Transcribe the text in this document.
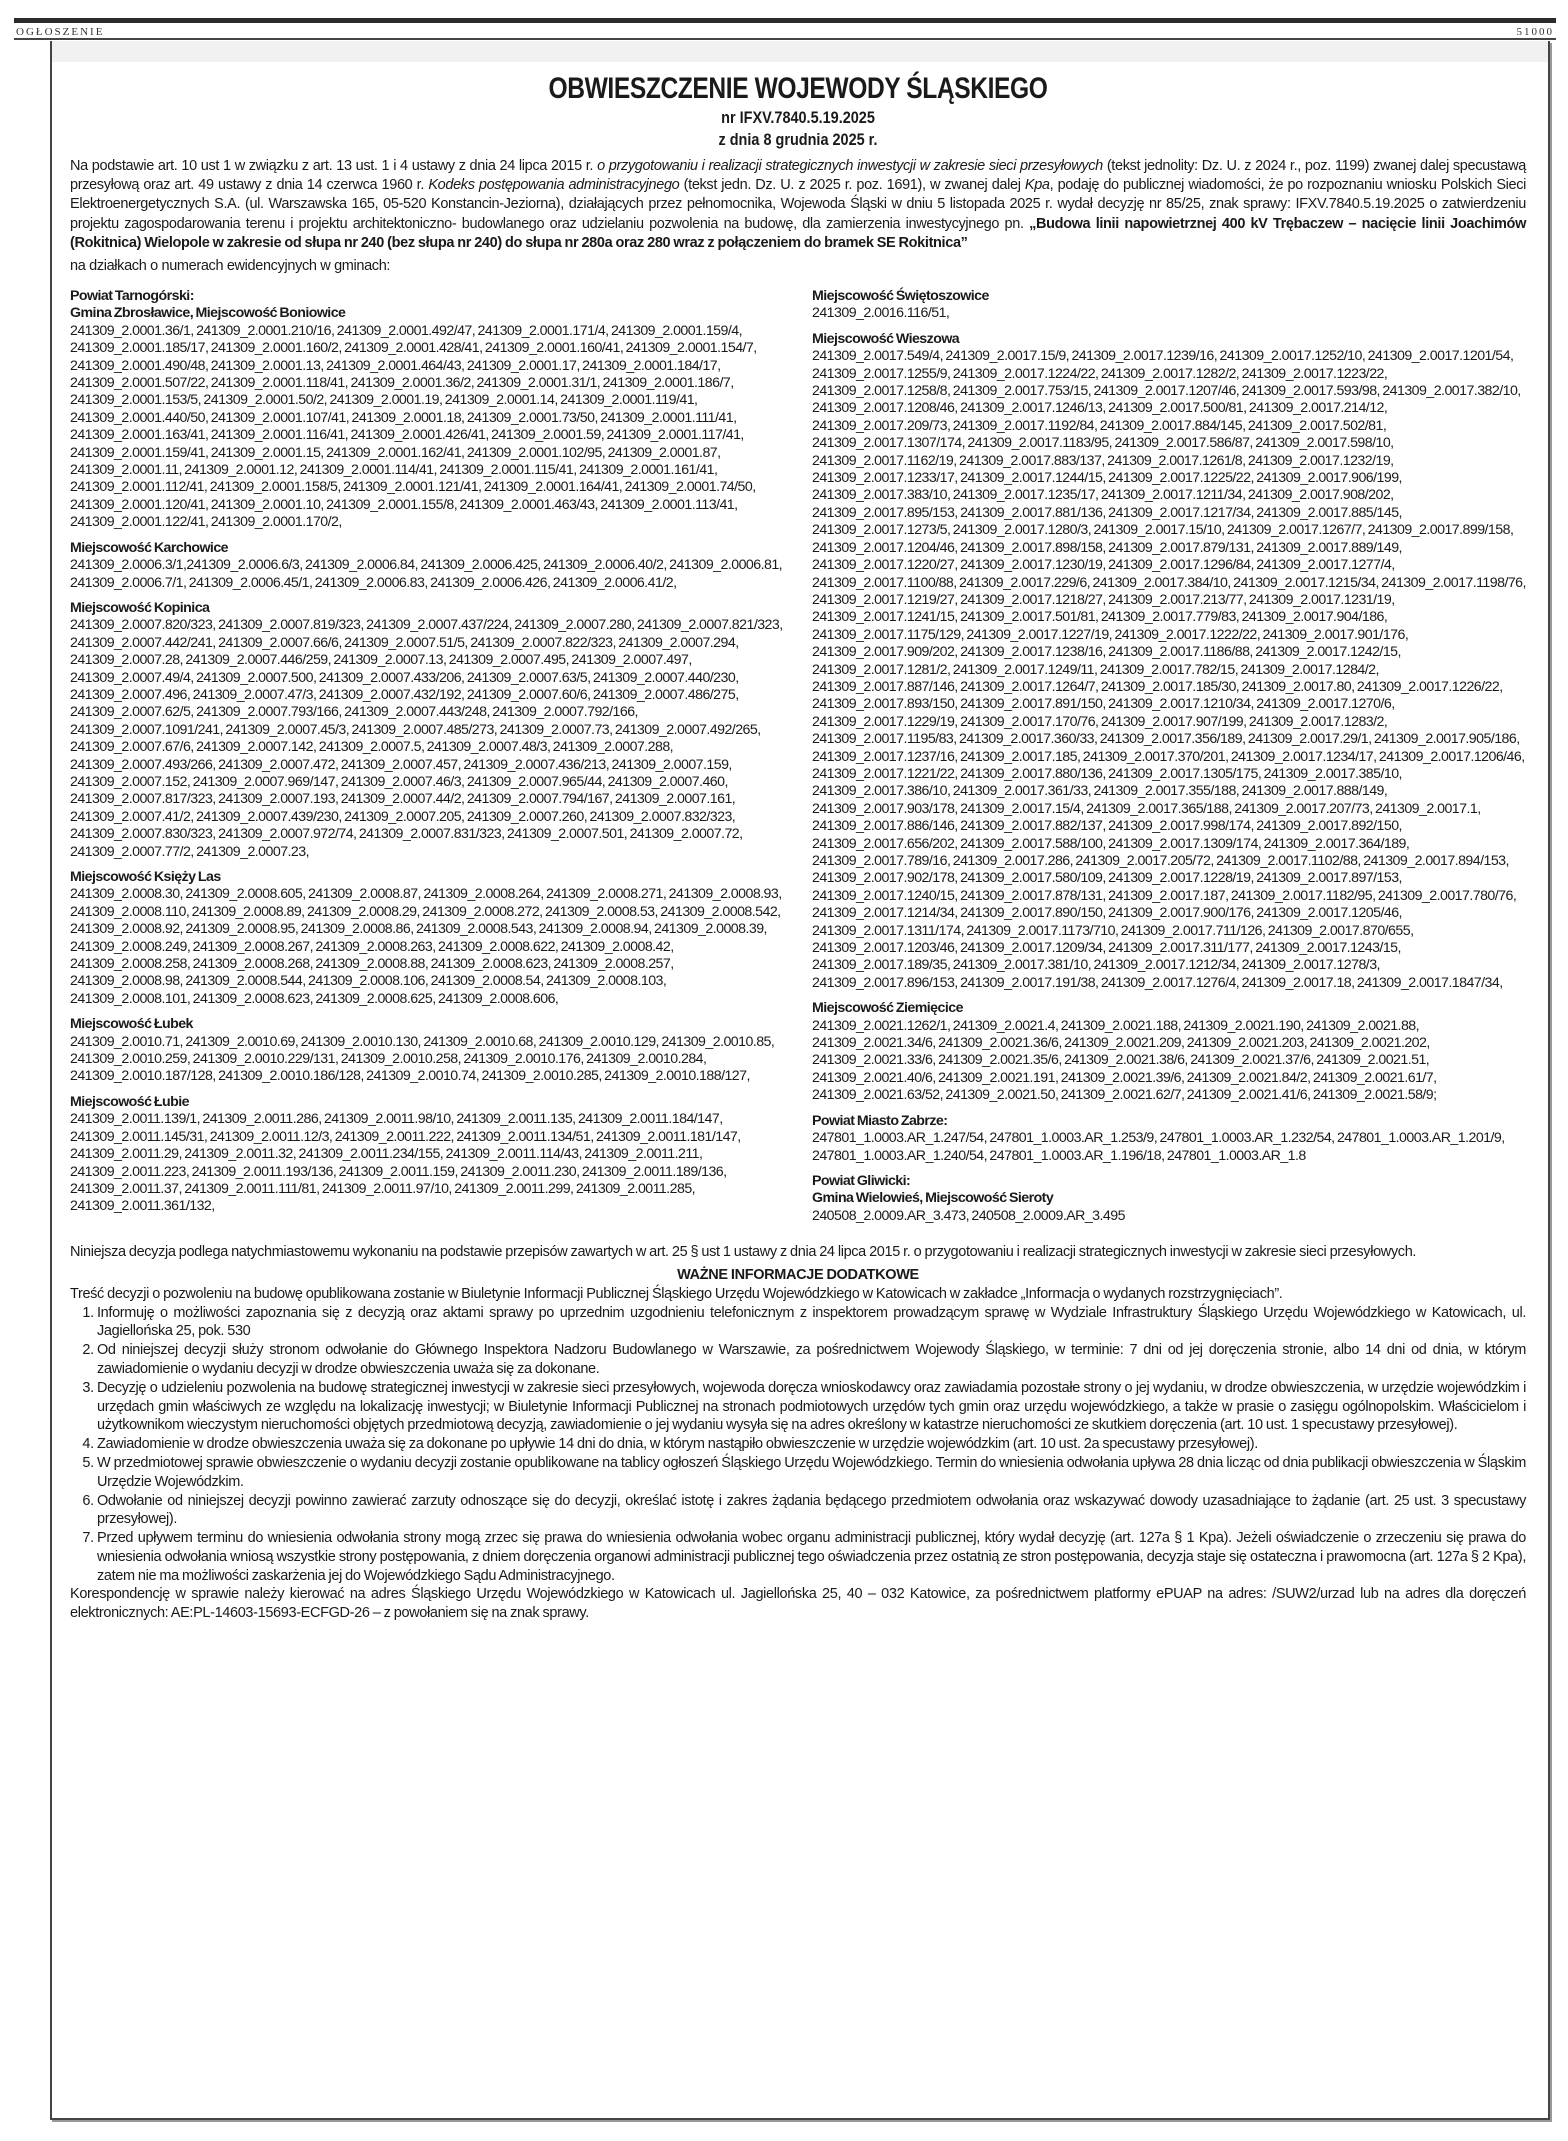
OGŁOSZENIE	51000
OBWIESZCZENIE WOJEWODY ŚLĄSKIEGO
nr IFXV.7840.5.19.2025
z dnia 8 grudnia 2025 r.
Na podstawie art. 10 ust 1 w związku z art. 13 ust. 1 i 4 ustawy z dnia 24 lipca 2015 r. o przygotowaniu i realizacji strategicznych inwestycji w zakresie sieci przesyłowych (tekst jednolity: Dz. U. z 2024 r., poz. 1199) zwanej dalej specustawą przesyłową oraz art. 49 ustawy z dnia 14 czerwca 1960 r. Kodeks postępowania administracyjnego (tekst jedn. Dz. U. z 2025 r. poz. 1691), w zwanej dalej Kpa, podaję do publicznej wiadomości, że po rozpoznaniu wniosku Polskich Sieci Elektroenergetycznych S.A. (ul. Warszawska 165, 05-520 Konstancin-Jeziorna), działających przez pełnomocnika, Wojewoda Śląski w dniu 5 listopada 2025 r. wydał decyzję nr 85/25, znak sprawy: IFXV.7840.5.19.2025 o zatwierdzeniu projektu zagospodarowania terenu i projektu architektoniczno- budowlanego oraz udzielaniu pozwolenia na budowę, dla zamierzenia inwestycyjnego pn. „Budowa linii napowietrznej 400 kV Trębaczew – nacięcie linii Joachimów (Rokitnica) Wielopole w zakresie od słupa nr 240 (bez słupa nr 240) do słupa nr 280a oraz 280 wraz z połączeniem do bramek SE Rokitnica”
na działkach o numerach ewidencyjnych w gminach:
Powiat Tarnogórski:
Gmina Zbrosławice, Miejscowość Boniowice
241309_2.0001.36/1, 241309_2.0001.210/16, 241309_2.0001.492/47, 241309_2.0001.171/4, 241309_2.0001.159/4, 241309_2.0001.185/17, 241309_2.0001.160/2, 241309_2.0001.428/41, 241309_2.0001.160/41, 241309_2.0001.154/7, 241309_2.0001.490/48, 241309_2.0001.13, 241309_2.0001.464/43, 241309_2.0001.17, 241309_2.0001.184/17, 241309_2.0001.507/22, 241309_2.0001.118/41, 241309_2.0001.36/2, 241309_2.0001.31/1, 241309_2.0001.186/7, 241309_2.0001.153/5, 241309_2.0001.50/2, 241309_2.0001.19, 241309_2.0001.14, 241309_2.0001.119/41, 241309_2.0001.440/50, 241309_2.0001.107/41, 241309_2.0001.18, 241309_2.0001.73/50, 241309_2.0001.111/41, 241309_2.0001.163/41, 241309_2.0001.116/41, 241309_2.0001.426/41, 241309_2.0001.59, 241309_2.0001.117/41, 241309_2.0001.159/41, 241309_2.0001.15, 241309_2.0001.162/41, 241309_2.0001.102/95, 241309_2.0001.87, 241309_2.0001.11, 241309_2.0001.12, 241309_2.0001.114/41, 241309_2.0001.115/41, 241309_2.0001.161/41, 241309_2.0001.112/41, 241309_2.0001.158/5, 241309_2.0001.121/41, 241309_2.0001.164/41, 241309_2.0001.74/50, 241309_2.0001.120/41, 241309_2.0001.10, 241309_2.0001.155/8, 241309_2.0001.463/43, 241309_2.0001.113/41, 241309_2.0001.122/41, 241309_2.0001.170/2,
Miejscowość Karchowice
241309_2.0006.3/1,241309_2.0006.6/3, 241309_2.0006.84, 241309_2.0006.425, 241309_2.0006.40/2, 241309_2.0006.81, 241309_2.0006.7/1, 241309_2.0006.45/1, 241309_2.0006.83, 241309_2.0006.426, 241309_2.0006.41/2,
Miejscowość Kopinica
241309_2.0007.820/323, 241309_2.0007.819/323, 241309_2.0007.437/224, 241309_2.0007.280, 241309_2.0007.821/323, 241309_2.0007.442/241, 241309_2.0007.66/6, 241309_2.0007.51/5, 241309_2.0007.822/323, 241309_2.0007.294, 241309_2.0007.28, 241309_2.0007.446/259, 241309_2.0007.13, 241309_2.0007.495, 241309_2.0007.497, 241309_2.0007.49/4, 241309_2.0007.500, 241309_2.0007.433/206, 241309_2.0007.63/5, 241309_2.0007.440/230, 241309_2.0007.496, 241309_2.0007.47/3, 241309_2.0007.432/192, 241309_2.0007.60/6, 241309_2.0007.486/275, 241309_2.0007.62/5, 241309_2.0007.793/166, 241309_2.0007.443/248, 241309_2.0007.792/166, 241309_2.0007.1091/241, 241309_2.0007.45/3, 241309_2.0007.485/273, 241309_2.0007.73, 241309_2.0007.492/265, 241309_2.0007.67/6, 241309_2.0007.142, 241309_2.0007.5, 241309_2.0007.48/3, 241309_2.0007.288, 241309_2.0007.493/266, 241309_2.0007.472, 241309_2.0007.457, 241309_2.0007.436/213, 241309_2.0007.159, 241309_2.0007.152, 241309_2.0007.969/147, 241309_2.0007.46/3, 241309_2.0007.965/44, 241309_2.0007.460, 241309_2.0007.817/323, 241309_2.0007.193, 241309_2.0007.44/2, 241309_2.0007.794/167, 241309_2.0007.161, 241309_2.0007.41/2, 241309_2.0007.439/230, 241309_2.0007.205, 241309_2.0007.260, 241309_2.0007.832/323, 241309_2.0007.830/323, 241309_2.0007.972/74, 241309_2.0007.831/323, 241309_2.0007.501, 241309_2.0007.72, 241309_2.0007.77/2, 241309_2.0007.23,
Miejscowość Księży Las
241309_2.0008.30, 241309_2.0008.605, 241309_2.0008.87, 241309_2.0008.264, 241309_2.0008.271, 241309_2.0008.93, 241309_2.0008.110, 241309_2.0008.89, 241309_2.0008.29, 241309_2.0008.272, 241309_2.0008.53, 241309_2.0008.542, 241309_2.0008.92, 241309_2.0008.95, 241309_2.0008.86, 241309_2.0008.543, 241309_2.0008.94, 241309_2.0008.39, 241309_2.0008.249, 241309_2.0008.267, 241309_2.0008.263, 241309_2.0008.622, 241309_2.0008.42, 241309_2.0008.258, 241309_2.0008.268, 241309_2.0008.88, 241309_2.0008.623, 241309_2.0008.257, 241309_2.0008.98, 241309_2.0008.544, 241309_2.0008.106, 241309_2.0008.54, 241309_2.0008.103, 241309_2.0008.101, 241309_2.0008.623, 241309_2.0008.625, 241309_2.0008.606,
Miejscowość Łubek
241309_2.0010.71, 241309_2.0010.69, 241309_2.0010.130, 241309_2.0010.68, 241309_2.0010.129, 241309_2.0010.85, 241309_2.0010.259, 241309_2.0010.229/131, 241309_2.0010.258, 241309_2.0010.176, 241309_2.0010.284, 241309_2.0010.187/128, 241309_2.0010.186/128, 241309_2.0010.74, 241309_2.0010.285, 241309_2.0010.188/127,
Miejscowość Łubie
241309_2.0011.139/1, 241309_2.0011.286, 241309_2.0011.98/10, 241309_2.0011.135, 241309_2.0011.184/147, 241309_2.0011.145/31, 241309_2.0011.12/3, 241309_2.0011.222, 241309_2.0011.134/51, 241309_2.0011.181/147, 241309_2.0011.29, 241309_2.0011.32, 241309_2.0011.234/155, 241309_2.0011.114/43, 241309_2.0011.211, 241309_2.0011.223, 241309_2.0011.193/136, 241309_2.0011.159, 241309_2.0011.230, 241309_2.0011.189/136, 241309_2.0011.37, 241309_2.0011.111/81, 241309_2.0011.97/10, 241309_2.0011.299, 241309_2.0011.285, 241309_2.0011.361/132,
Miejscowość Świętoszowice
241309_2.0016.116/51,
Miejscowość Wieszowa
241309_2.0017.549/4, 241309_2.0017.15/9, 241309_2.0017.1239/16, 241309_2.0017.1252/10, 241309_2.0017.1201/54, 241309_2.0017.1255/9, 241309_2.0017.1224/22, 241309_2.0017.1282/2, 241309_2.0017.1223/22, 241309_2.0017.1258/8, 241309_2.0017.753/15, 241309_2.0017.1207/46, 241309_2.0017.593/98, 241309_2.0017.382/10, 241309_2.0017.1208/46, 241309_2.0017.1246/13, 241309_2.0017.500/81, 241309_2.0017.214/12, 241309_2.0017.209/73, 241309_2.0017.1192/84, 241309_2.0017.884/145, 241309_2.0017.502/81, 241309_2.0017.1307/174, 241309_2.0017.1183/95, 241309_2.0017.586/87, 241309_2.0017.598/10, 241309_2.0017.1162/19, 241309_2.0017.883/137, 241309_2.0017.1261/8, 241309_2.0017.1232/19, 241309_2.0017.1233/17, 241309_2.0017.1244/15, 241309_2.0017.1225/22, 241309_2.0017.906/199, 241309_2.0017.383/10, 241309_2.0017.1235/17, 241309_2.0017.1211/34, 241309_2.0017.908/202, 241309_2.0017.895/153, 241309_2.0017.881/136, 241309_2.0017.1217/34, 241309_2.0017.885/145, 241309_2.0017.1273/5, 241309_2.0017.1280/3, 241309_2.0017.15/10, 241309_2.0017.1267/7, 241309_2.0017.899/158, 241309_2.0017.1204/46, 241309_2.0017.898/158, 241309_2.0017.879/131, 241309_2.0017.889/149, 241309_2.0017.1220/27, 241309_2.0017.1230/19, 241309_2.0017.1296/84, 241309_2.0017.1277/4, 241309_2.0017.1100/88, 241309_2.0017.229/6, 241309_2.0017.384/10, 241309_2.0017.1215/34, 241309_2.0017.1198/76, 241309_2.0017.1219/27, 241309_2.0017.1218/27, 241309_2.0017.213/77, 241309_2.0017.1231/19, 241309_2.0017.1241/15, 241309_2.0017.501/81, 241309_2.0017.779/83, 241309_2.0017.904/186, 241309_2.0017.1175/129, 241309_2.0017.1227/19, 241309_2.0017.1222/22, 241309_2.0017.901/176, 241309_2.0017.909/202, 241309_2.0017.1238/16, 241309_2.0017.1186/88, 241309_2.0017.1242/15, 241309_2.0017.1281/2, 241309_2.0017.1249/11, 241309_2.0017.782/15, 241309_2.0017.1284/2, 241309_2.0017.887/146, 241309_2.0017.1264/7, 241309_2.0017.185/30, 241309_2.0017.80, 241309_2.0017.1226/22, 241309_2.0017.893/150, 241309_2.0017.891/150, 241309_2.0017.1210/34, 241309_2.0017.1270/6, 241309_2.0017.1229/19, 241309_2.0017.170/76, 241309_2.0017.907/199, 241309_2.0017.1283/2, 241309_2.0017.1195/83, 241309_2.0017.360/33, 241309_2.0017.356/189, 241309_2.0017.29/1, 241309_2.0017.905/186, 241309_2.0017.1237/16, 241309_2.0017.185, 241309_2.0017.370/201, 241309_2.0017.1234/17, 241309_2.0017.1206/46, 241309_2.0017.1221/22, 241309_2.0017.880/136, 241309_2.0017.1305/175, 241309_2.0017.385/10, 241309_2.0017.386/10, 241309_2.0017.361/33, 241309_2.0017.355/188, 241309_2.0017.888/149, 241309_2.0017.903/178, 241309_2.0017.15/4, 241309_2.0017.365/188, 241309_2.0017.207/73, 241309_2.0017.1, 241309_2.0017.886/146, 241309_2.0017.882/137, 241309_2.0017.998/174, 241309_2.0017.892/150, 241309_2.0017.656/202, 241309_2.0017.588/100, 241309_2.0017.1309/174, 241309_2.0017.364/189, 241309_2.0017.789/16, 241309_2.0017.286, 241309_2.0017.205/72, 241309_2.0017.1102/88, 241309_2.0017.894/153, 241309_2.0017.902/178, 241309_2.0017.580/109, 241309_2.0017.1228/19, 241309_2.0017.897/153, 241309_2.0017.1240/15, 241309_2.0017.878/131, 241309_2.0017.187, 241309_2.0017.1182/95, 241309_2.0017.780/76, 241309_2.0017.1214/34, 241309_2.0017.890/150, 241309_2.0017.900/176, 241309_2.0017.1205/46, 241309_2.0017.1311/174, 241309_2.0017.1173/710, 241309_2.0017.711/126, 241309_2.0017.870/655, 241309_2.0017.1203/46, 241309_2.0017.1209/34, 241309_2.0017.311/177, 241309_2.0017.1243/15, 241309_2.0017.189/35, 241309_2.0017.381/10, 241309_2.0017.1212/34, 241309_2.0017.1278/3, 241309_2.0017.896/153, 241309_2.0017.191/38, 241309_2.0017.1276/4, 241309_2.0017.18, 241309_2.0017.1847/34,
Miejscowość Ziemięcice
241309_2.0021.1262/1, 241309_2.0021.4, 241309_2.0021.188, 241309_2.0021.190, 241309_2.0021.88, 241309_2.0021.34/6, 241309_2.0021.36/6, 241309_2.0021.209, 241309_2.0021.203, 241309_2.0021.202, 241309_2.0021.33/6, 241309_2.0021.35/6, 241309_2.0021.38/6, 241309_2.0021.37/6, 241309_2.0021.51, 241309_2.0021.40/6, 241309_2.0021.191, 241309_2.0021.39/6, 241309_2.0021.84/2, 241309_2.0021.61/7, 241309_2.0021.63/52, 241309_2.0021.50, 241309_2.0021.62/7, 241309_2.0021.41/6, 241309_2.0021.58/9;
Powiat Miasto Zabrze:
247801_1.0003.AR_1.247/54, 247801_1.0003.AR_1.253/9, 247801_1.0003.AR_1.232/54, 247801_1.0003.AR_1.201/9, 247801_1.0003.AR_1.240/54, 247801_1.0003.AR_1.196/18, 247801_1.0003.AR_1.8
Powiat Gliwicki:
Gmina Wielowieś, Miejscowość Sieroty
240508_2.0009.AR_3.473, 240508_2.0009.AR_3.495
Niniejsza decyzja podlega natychmiastowemu wykonaniu na podstawie przepisów zawartych w art. 25 § ust 1 ustawy z dnia 24 lipca 2015 r. o przygotowaniu i realizacji strategicznych inwestycji w zakresie sieci przesyłowych.
WAŻNE INFORMACJE DODATKOWE
Treść decyzji o pozwoleniu na budowę opublikowana zostanie w Biuletynie Informacji Publicznej Śląskiego Urzędu Wojewódzkiego w Katowicach w zakładce „Informacja o wydanych rozstrzygnięciach”.
1. Informuję o możliwości zapoznania się z decyzją oraz aktami sprawy po uprzednim uzgodnieniu telefonicznym z inspektorem prowadzącym sprawę w Wydziale Infrastruktury Śląskiego Urzędu Wojewódzkiego w Katowicach, ul. Jagiellońska 25, pok. 530
2. Od niniejszej decyzji służy stronom odwołanie do Głównego Inspektora Nadzoru Budowlanego w Warszawie, za pośrednictwem Wojewody Śląskiego, w terminie: 7 dni od jej doręczenia stronie, albo 14 dni od dnia, w którym zawiadomienie o wydaniu decyzji w drodze obwieszczenia uważa się za dokonane.
3. Decyzję o udzieleniu pozwolenia na budowę strategicznej inwestycji w zakresie sieci przesyłowych, wojewoda doręcza wnioskodawcy oraz zawiadamia pozostałe strony o jej wydaniu, w drodze obwieszczenia, w urzędzie wojewódzkim i urzędach gmin właściwych ze względu na lokalizację inwestycji; w Biuletynie Informacji Publicznej na stronach podmiotowych urzędów tych gmin oraz urzędu wojewódzkiego, a także w prasie o zasięgu ogólnopolskim. Właścicielom i użytkownikom wieczystym nieruchomości objętych przedmiotową decyzją, zawiadomienie o jej wydaniu wysyła się na adres określony w katastrze nieruchomości ze skutkiem doręczenia (art. 10 ust. 1 specustawy przesyłowej).
4. Zawiadomienie w drodze obwieszczenia uważa się za dokonane po upływie 14 dni do dnia, w którym nastąpiło obwieszczenie w urzędzie wojewódzkim (art. 10 ust. 2a specustawy przesyłowej).
5. W przedmiotowej sprawie obwieszczenie o wydaniu decyzji zostanie opublikowane na tablicy ogłoszeń Śląskiego Urzędu Wojewódzkiego. Termin do wniesienia odwołania upływa 28 dnia licząc od dnia publikacji obwieszczenia w Śląskim Urzędzie Wojewódzkim.
6. Odwołanie od niniejszej decyzji powinno zawierać zarzuty odnoszące się do decyzji, określać istotę i zakres żądania będącego przedmiotem odwołania oraz wskazywać dowody uzasadniające to żądanie (art. 25 ust. 3 specustawy przesyłowej).
7. Przed upływem terminu do wniesienia odwołania strony mogą zrzec się prawa do wniesienia odwołania wobec organu administracji publicznej, który wydał decyzję (art. 127a § 1 Kpa). Jeżeli oświadczenie o zrzeczeniu się prawa do wniesienia odwołania wniosą wszystkie strony postępowania, z dniem doręczenia organowi administracji publicznej tego oświadczenia przez ostatnią ze stron postępowania, decyzja staje się ostateczna i prawomocna (art. 127a § 2 Kpa), zatem nie ma możliwości zaskarżenia jej do Wojewódzkiego Sądu Administracyjnego.
Korespondencję w sprawie należy kierować na adres Śląskiego Urzędu Wojewódzkiego w Katowicach ul. Jagiellońska 25, 40 – 032 Katowice, za pośrednictwem platformy ePUAP na adres: /SUW2/urzad lub na adres dla doręczeń elektronicznych: AE:PL-14603-15693-ECFGD-26 – z powołaniem się na znak sprawy.
